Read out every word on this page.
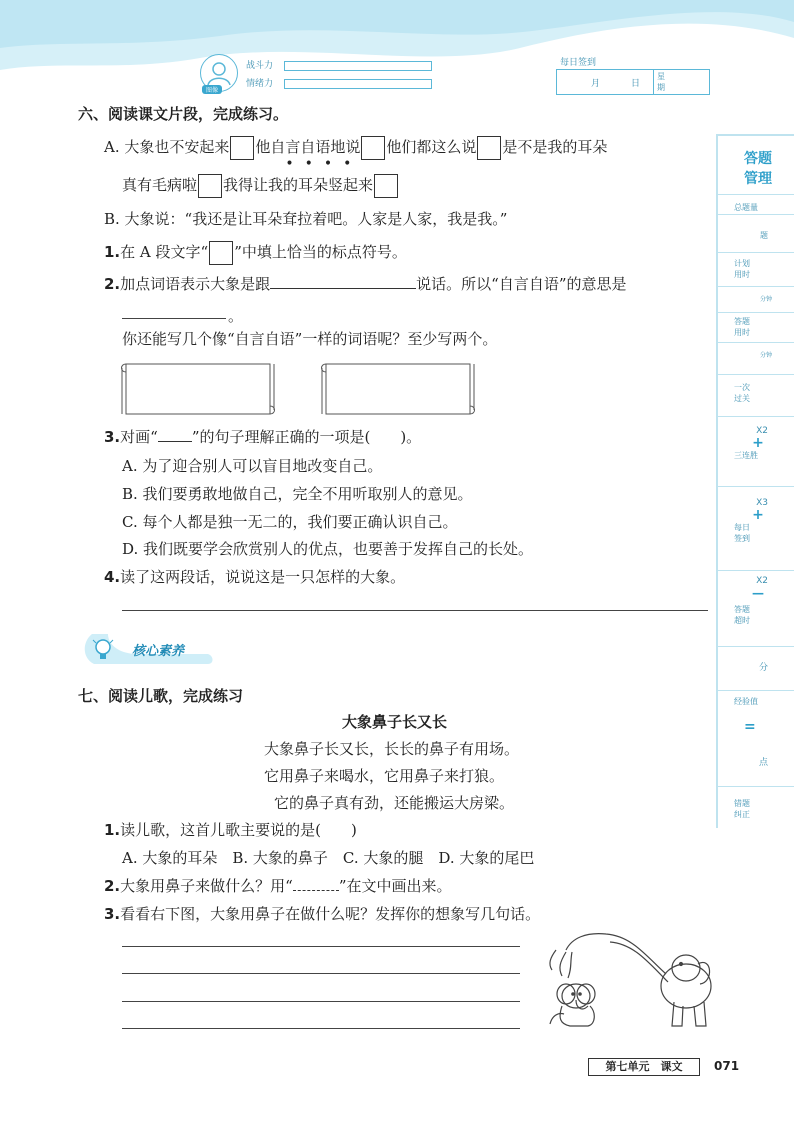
图像
战斗力
情绪力
每日签到
月	日
星
期
六、阅读课文片段，完成练习。
A. 大象也不安起来 他自言自语地说
••••
他们都这么说 是不是我的耳朵
真有毛病啦 我得让我的耳朵竖起来
B. 大象说：“我还是让耳朵耷拉着吧。人家是人家，我是我。”
1.在 A 段文字“ ”中填上恰当的标点符号。
2.加点词语表示大象是跟	说话。所以“自言自语”的意思是
。
你还能写几个像“自言自语”一样的词语呢？至少写两个。
3.对画“ ”的句子理解正确的一项是(　　)。
A. 为了迎合别人可以盲目地改变自己。
B. 我们要勇敢地做自己，完全不用听取别人的意见。
C. 每个人都是独一无二的，我们要正确认识自己。
D. 我们既要学会欣赏别人的优点，也要善于发挥自己的长处。
4.读了这两段话，说说这是一只怎样的大象。
核心素养
七、阅读儿歌，完成练习
大象鼻子长又长
大象鼻子长又长，长长的鼻子有用场。
它用鼻子来喝水，它用鼻子来打狼。
它的鼻子真有劲，还能搬运大房梁。
1.读儿歌，这首儿歌主要说的是(　　)
A. 大象的耳朵　B. 大象的鼻子　C. 大象的腿　D. 大象的尾巴
2.大象用鼻子来做什么？用“	”在文中画出来。
3.看看右下图，大象用鼻子在做什么呢？发挥你的想象写几句话。
答题
管理
总题量
题
计划
用时
分钟
答题
用时
分钟
一次
过关
X2
+
三连胜
X3
+
每日
签到
X2
—
答题
超时
分
经验值
=
点
错题
纠正
第七单元　课文	071
